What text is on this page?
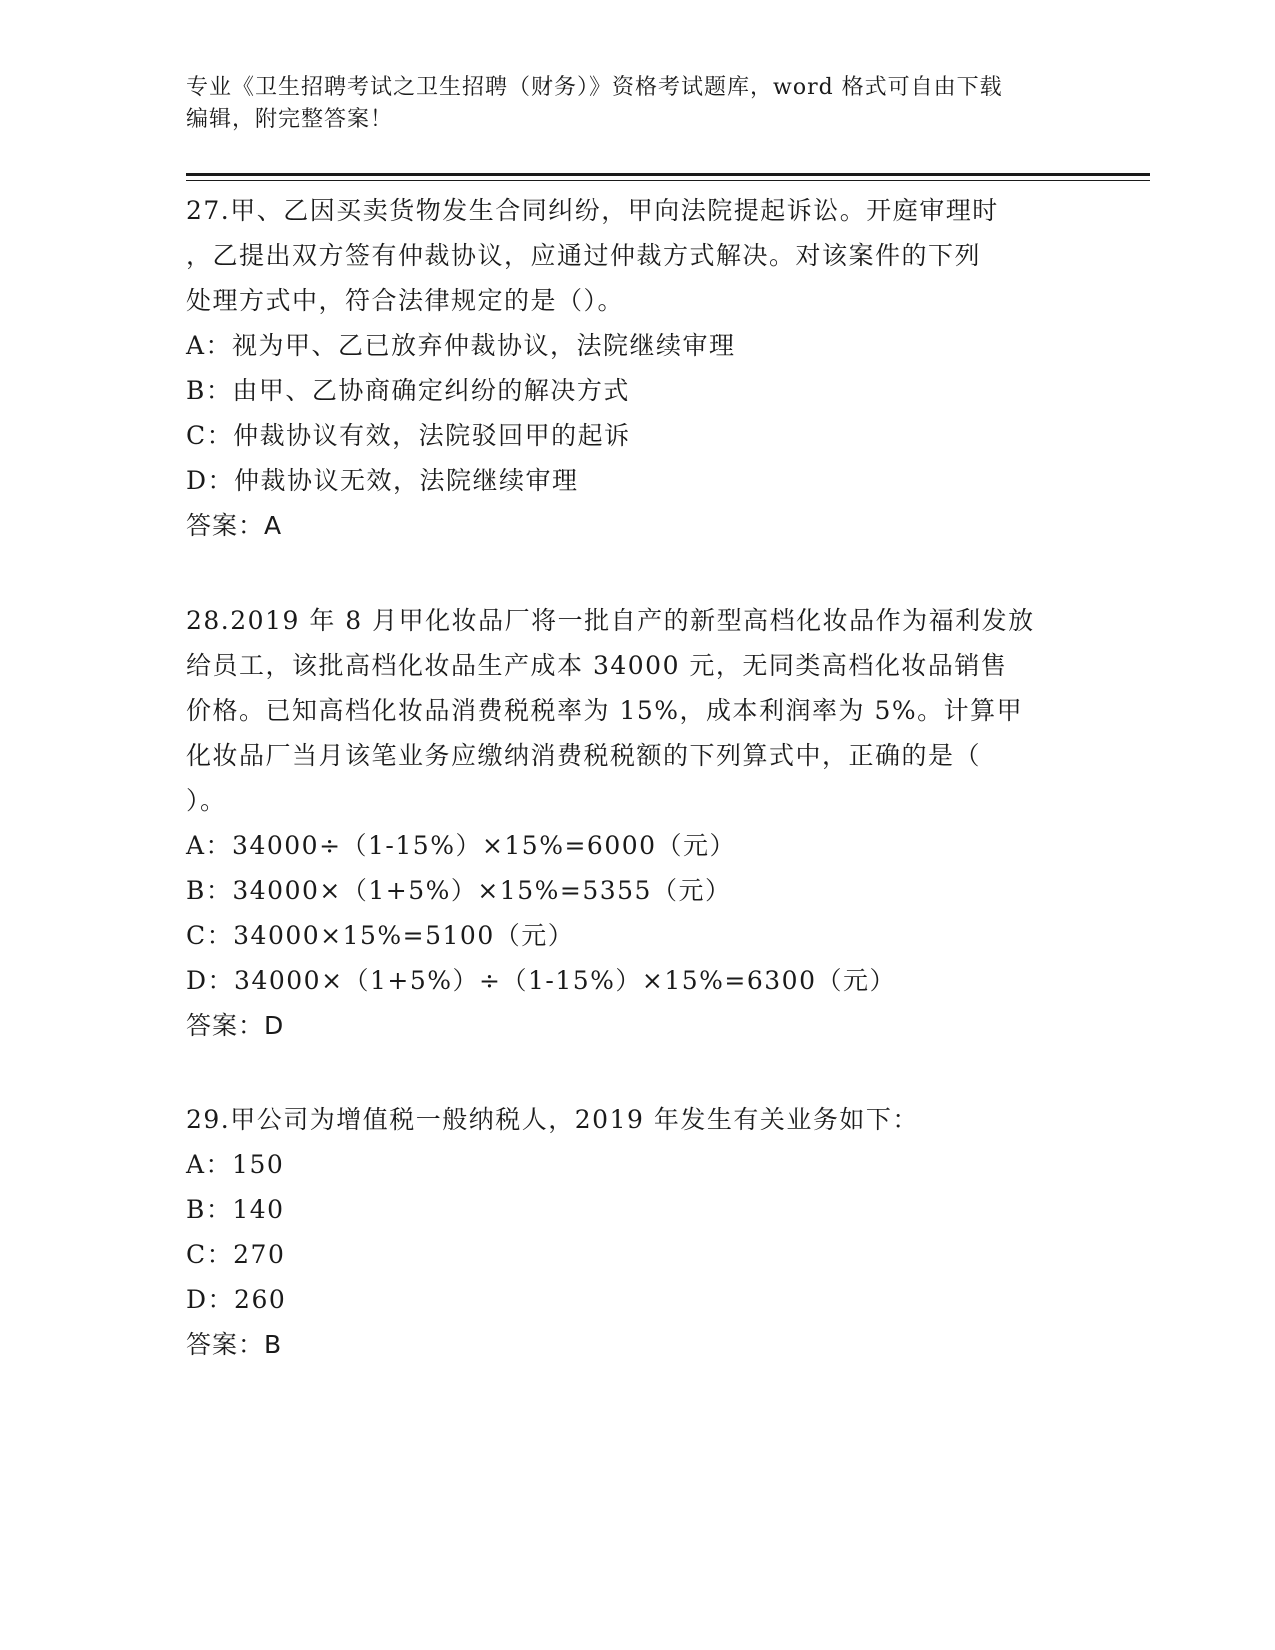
专业《卫生招聘考试之卫生招聘（财务）》资格考试题库，word 格式可自由下载
编辑，附完整答案！
27.甲、乙因买卖货物发生合同纠纷，甲向法院提起诉讼。开庭审理时
，乙提出双方签有仲裁协议，应通过仲裁方式解决。对该案件的下列
处理方式中，符合法律规定的是（）。
A：视为甲、乙已放弃仲裁协议，法院继续审理
B：由甲、乙协商确定纠纷的解决方式
C：仲裁协议有效，法院驳回甲的起诉
D：仲裁协议无效，法院继续审理
答案：A
28.2019 年 8 月甲化妆品厂将一批自产的新型高档化妆品作为福利发放
给员工，该批高档化妆品生产成本 34000 元，无同类高档化妆品销售
价格。已知高档化妆品消费税税率为 15%，成本利润率为 5%。计算甲
化妆品厂当月该笔业务应缴纳消费税税额的下列算式中，正确的是（
）。
A：34000÷（1-15%）×15%=6000（元）
B：34000×（1+5%）×15%=5355（元）
C：34000×15%=5100（元）
D：34000×（1+5%）÷（1-15%）×15%=6300（元）
答案：D
29.甲公司为增值税一般纳税人，2019 年发生有关业务如下：
A：150
B：140
C：270
D：260
答案：B
